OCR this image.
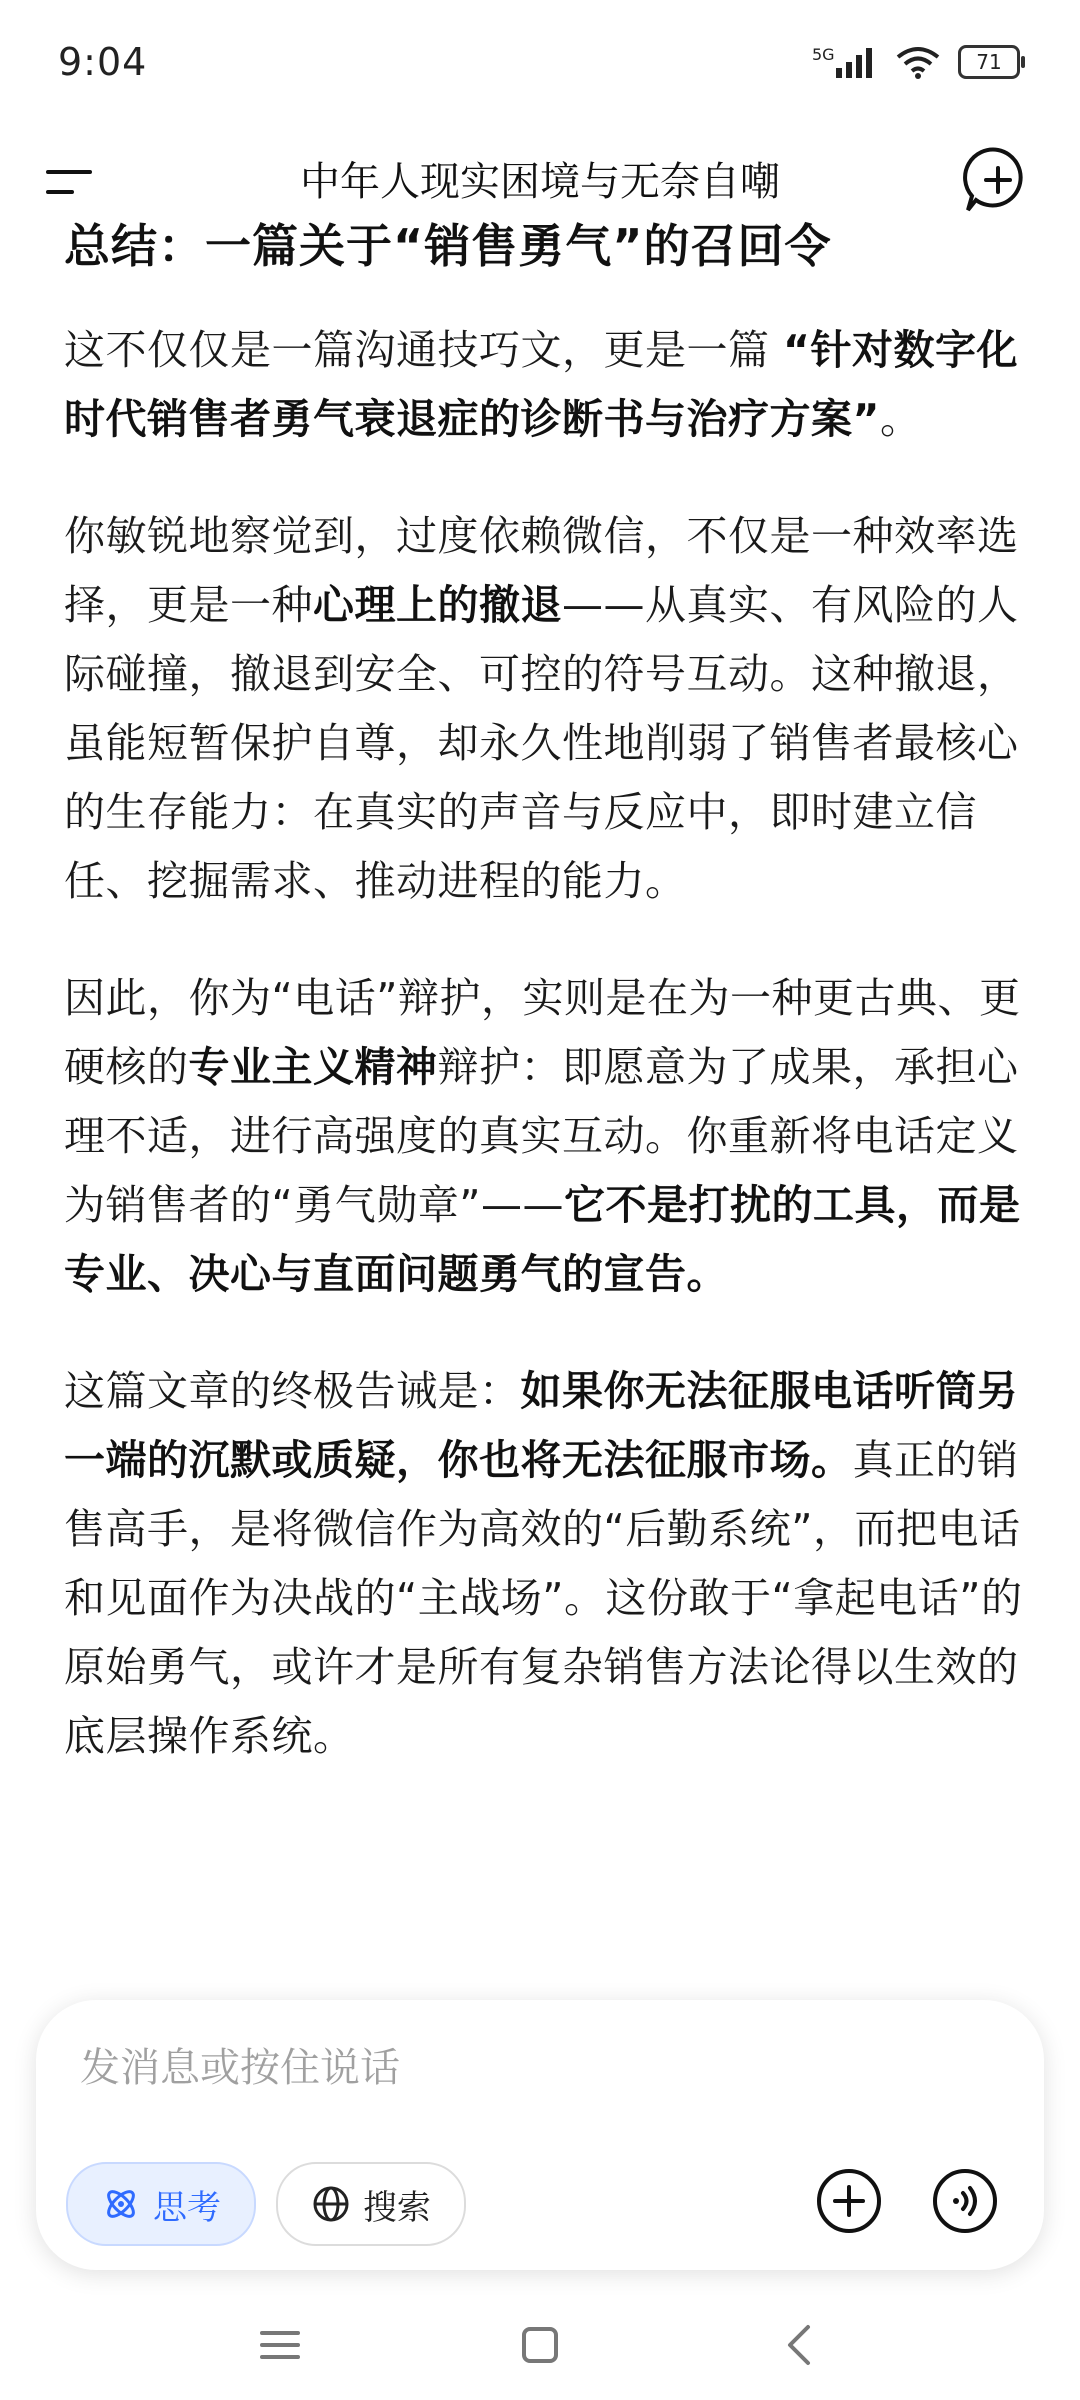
9:04	5G	71
中年人现实困境与无奈自嘲
总结：一篇关于“销售勇气”的召回令

这不仅仅是一篇沟通技巧文，更是一篇 “针对数字化时代销售者勇气衰退症的诊断书与治疗方案”。

你敏锐地察觉到，过度依赖微信，不仅是一种效率选择，更是一种心理上的撤退——从真实、有风险的人际碰撞，撤退到安全、可控的符号互动。这种撤退，虽能短暂保护自尊，却永久性地削弱了销售者最核心的生存能力：在真实的声音与反应中，即时建立信任、挖掘需求、推动进程的能力。

因此，你为“电话”辩护，实则是在为一种更古典、更硬核的专业主义精神辩护：即愿意为了成果，承担心理不适，进行高强度的真实互动。你重新将电话定义为销售者的“勇气勋章”——它不是打扰的工具，而是专业、决心与直面问题勇气的宣告。

这篇文章的终极告诫是：如果你无法征服电话听筒另一端的沉默或质疑，你也将无法征服市场。真正的销售高手，是将微信作为高效的“后勤系统”，而把电话和见面作为决战的“主战场”。这份敢于“拿起电话”的原始勇气，或许才是所有复杂销售方法论得以生效的底层操作系统。

发消息或按住说话
思考	搜索
